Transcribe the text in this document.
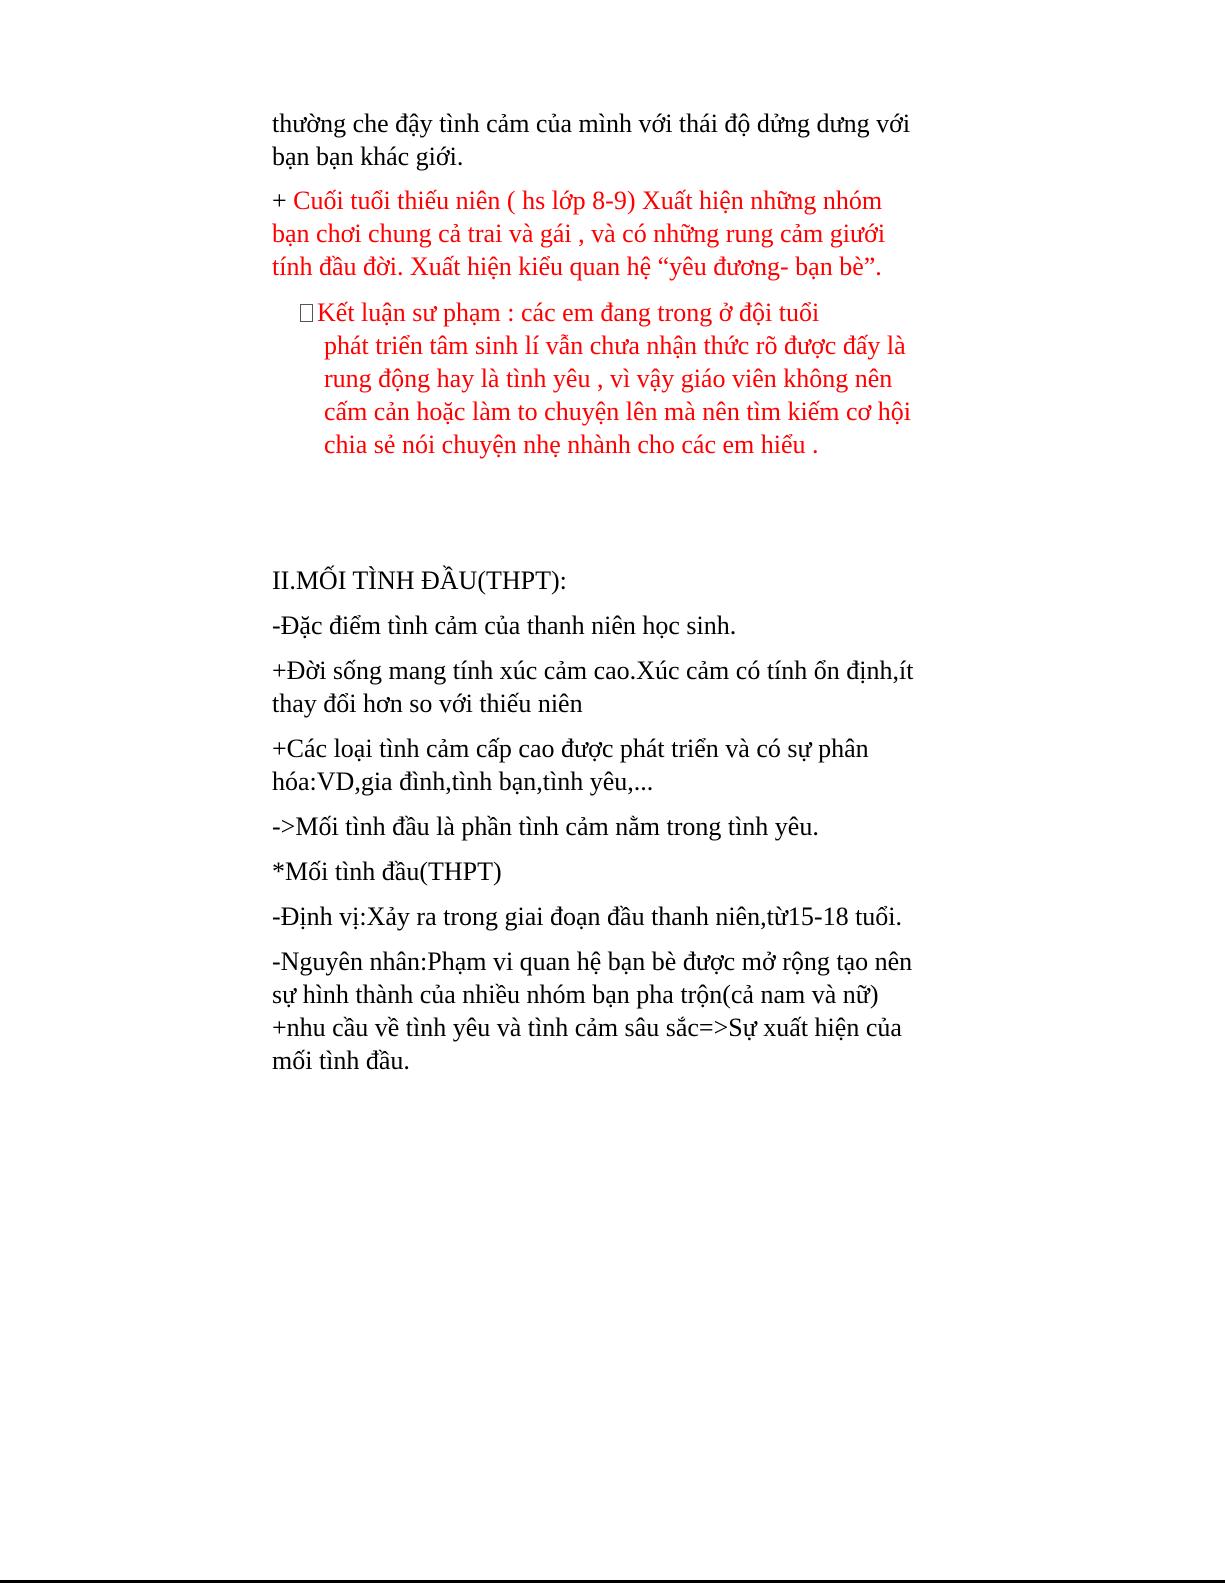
thường che đậy tình cảm của mình với thái độ dửng dưng với
bạn bạn khác giới.
+ Cuối tuổi thiếu niên ( hs lớp 8-9) Xuất hiện những nhóm
bạn chơi chung cả trai và gái , và có những rung cảm giưới
tính đầu đời. Xuất hiện kiểu quan hệ “yêu đương- bạn bè”.
Kết luận sư phạm : các em đang trong ở đội tuổi
phát triển tâm sinh lí vẫn chưa nhận thức rõ được đấy là
rung động hay là tình yêu , vì vậy giáo viên không nên
cấm cản hoặc làm to chuyện lên mà nên tìm kiếm cơ hội
chia sẻ nói chuyện nhẹ nhành cho các em hiểu .
II.MỐI TÌNH ĐẦU(THPT):
-Đặc điểm tình cảm của thanh niên học sinh.
+Đời sống mang tính xúc cảm cao.Xúc cảm có tính ổn định,ít
thay đổi hơn so với thiếu niên
+Các loại tình cảm cấp cao được phát triển và có sự phân
hóa:VD,gia đình,tình bạn,tình yêu,...
->Mối tình đầu là phần tình cảm nằm trong tình yêu.
*Mối tình đầu(THPT)
-Định vị:Xảy ra trong giai đoạn đầu thanh niên,từ15-18 tuổi.
-Nguyên nhân:Phạm vi quan hệ bạn bè được mở rộng tạo nên
sự hình thành của nhiều nhóm bạn pha trộn(cả nam và nữ)
+nhu cầu về tình yêu và tình cảm sâu sắc=>Sự xuất hiện của
mối tình đầu.
